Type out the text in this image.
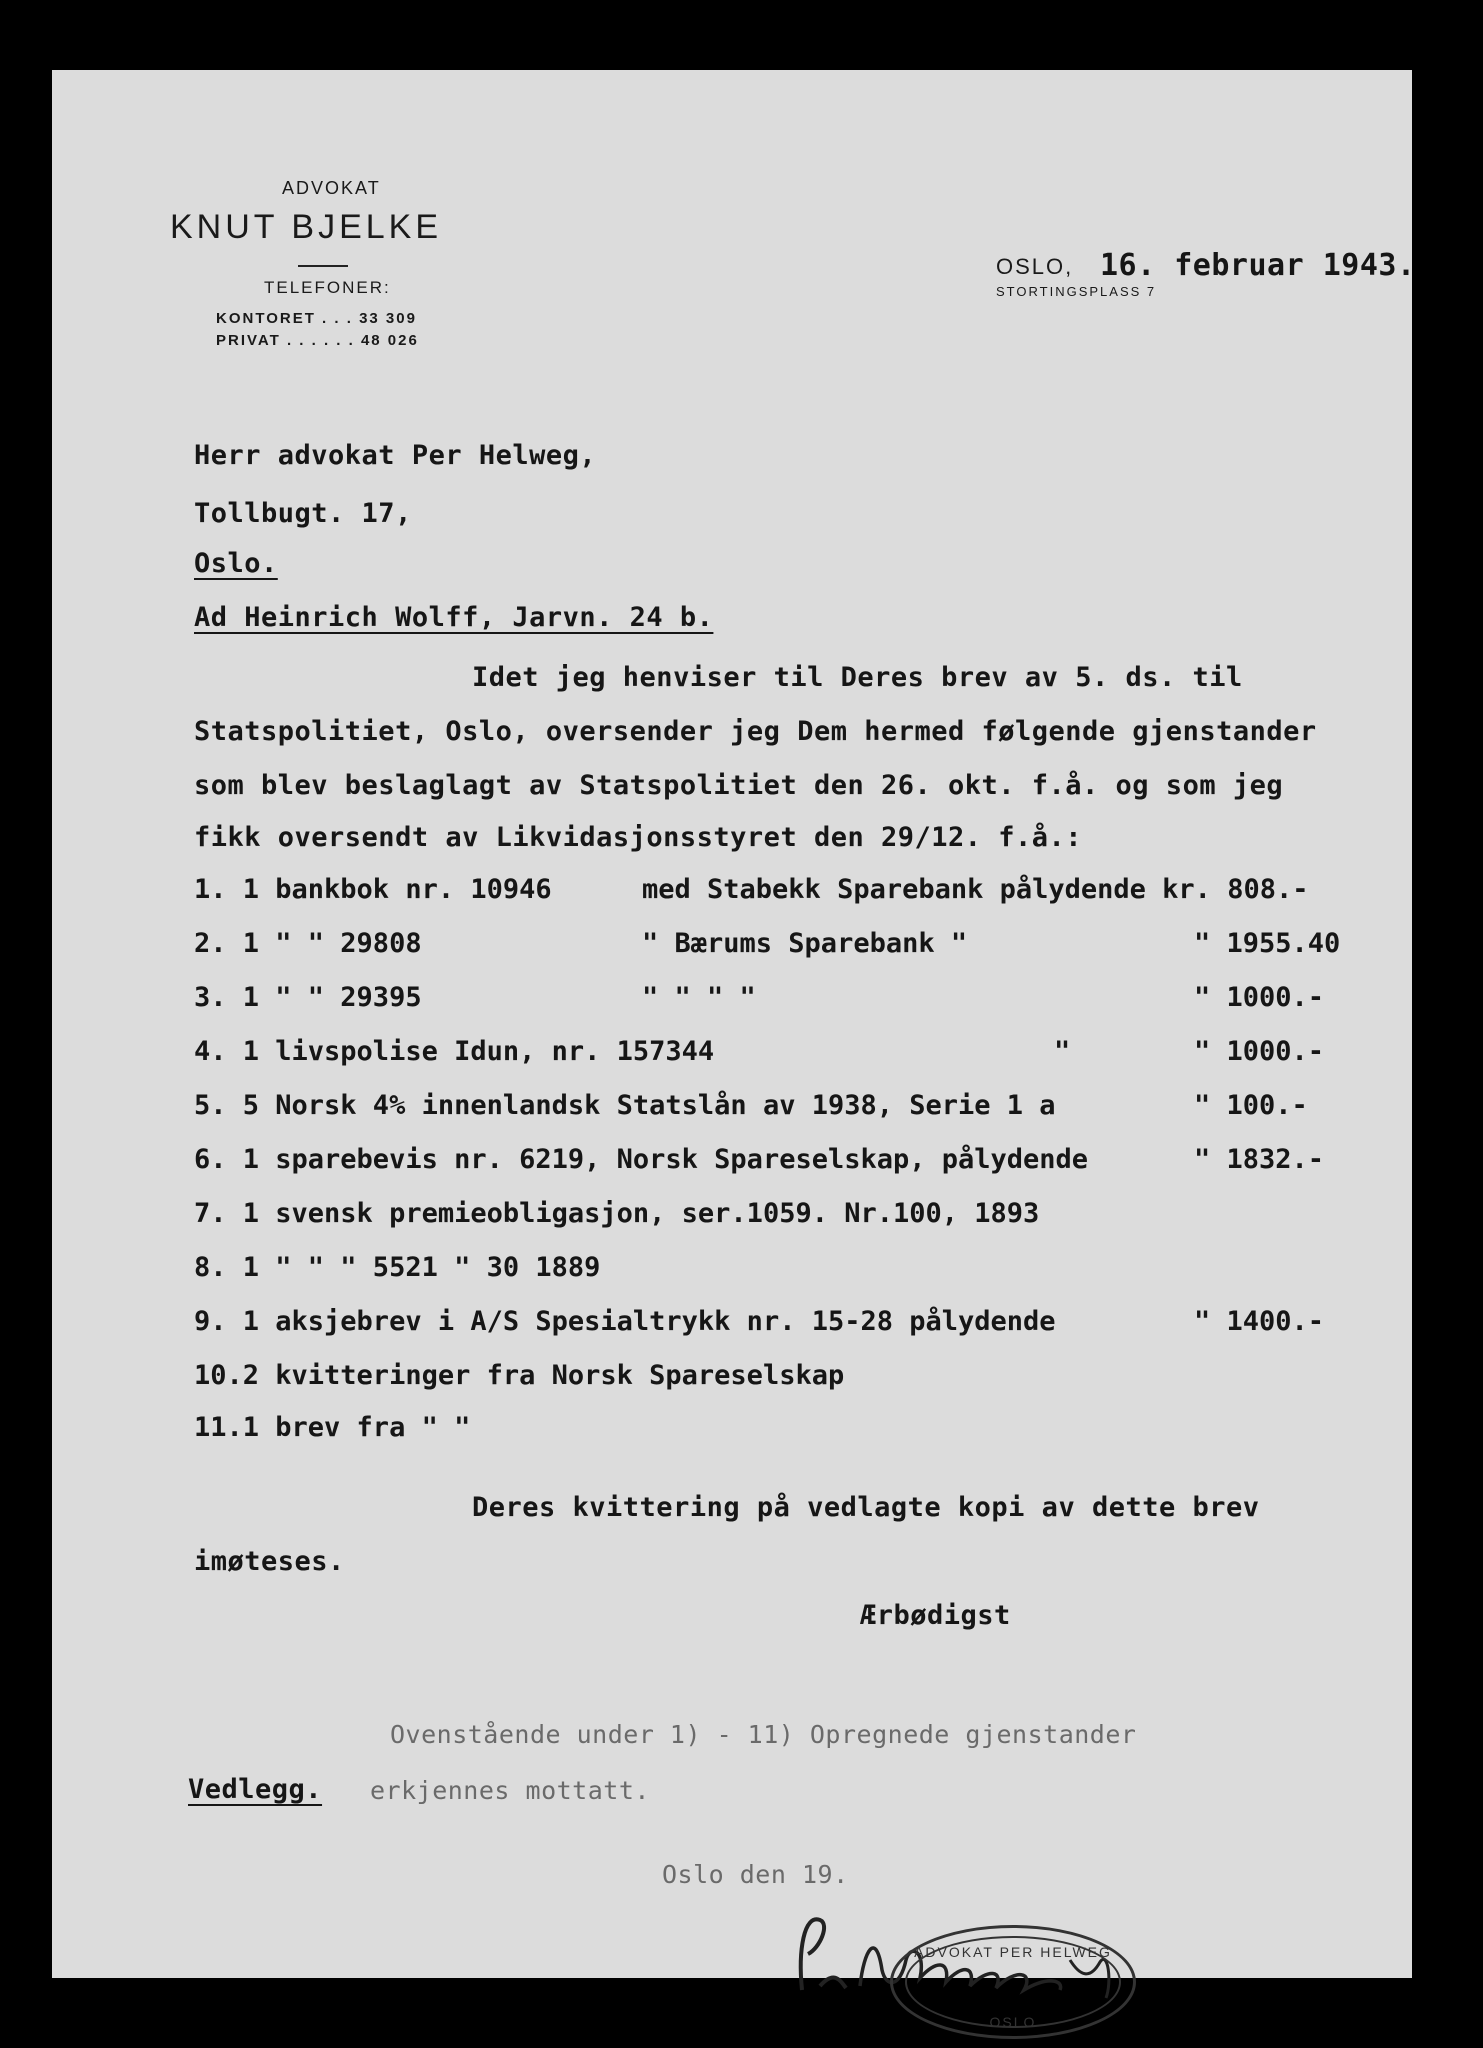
ADVOKAT
KNUT BJELKE
TELEFONER:
KONTORET . . . 33 309
PRIVAT . . . . . . 48 026
OSLO, 16. februar 1943.
STORTINGSPLASS 7
Herr advokat Per Helweg,
Tollbugt. 17,
Oslo.
Ad Heinrich Wolff, Jarvn. 24 b.
Idet jeg henviser til Deres brev av 5. ds. til
Statspolitiet, Oslo, oversender jeg Dem hermed følgende gjenstander
som blev beslaglagt av Statspolitiet den 26. okt. f.å. og som jeg
fikk oversendt av Likvidasjonsstyret den 29/12. f.å.:
1. 1 bankbok nr. 10946	med Stabekk Sparebank pålydende kr. 808.-
2. 1 " " 29808	" Bærums Sparebank "	" 1955.40
3. 1 " " 29395	" " " "	" 1000.-
4. 1 livspolise Idun, nr. 157344	"	" 1000.-
5. 5 Norsk 4% innenlandsk Statslån av 1938, Serie 1 a	" 100.-
6. 1 sparebevis nr. 6219, Norsk Spareselskap, pålydende	" 1832.-
7. 1 svensk premieobligasjon, ser.1059. Nr.100, 1893
8. 1 " " " 5521 " 30 1889
9. 1 aksjebrev i A/S Spesialtrykk nr. 15-28 pålydende	" 1400.-
10.2 kvitteringer fra Norsk Spareselskap
11.1 brev fra " "
Deres kvittering på vedlagte kopi av dette brev
imøteses.
Ærbødigst
Ovenstående under 1) - 11) Opregnede gjenstander
Vedlegg. erkjennes mottatt.
Oslo den 19.
ADVOKAT PER HELWEG
OSLO
